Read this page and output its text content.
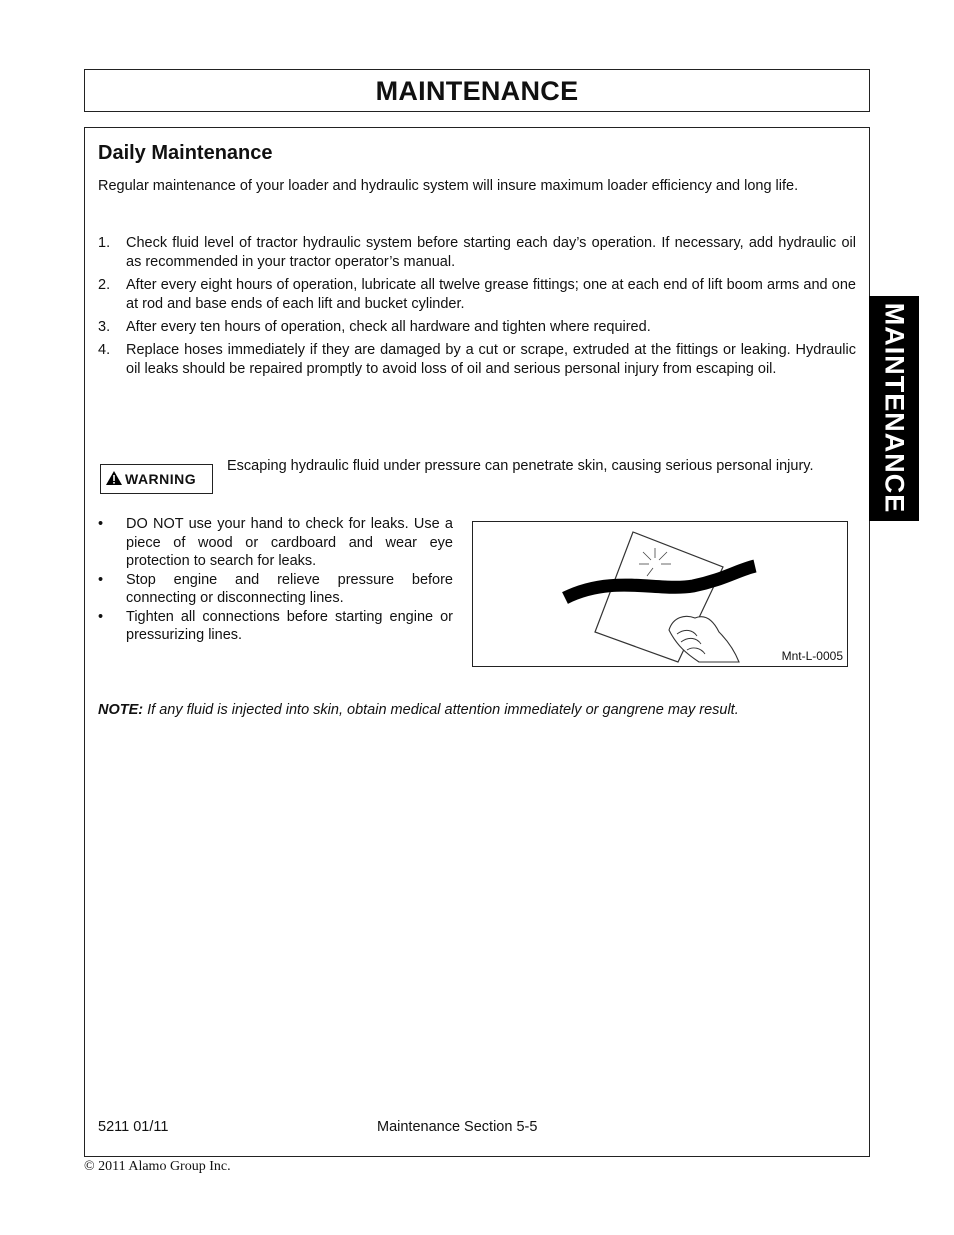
MAINTENANCE
MAINTENANCE
Daily Maintenance
Regular maintenance of your loader and hydraulic system will insure maximum loader efficiency and long life.
1. Check fluid level of tractor hydraulic system before starting each day’s operation. If necessary, add hydraulic oil as recommended in your tractor operator’s manual.
2. After every eight hours of operation, lubricate all twelve grease fittings; one at each end of lift boom arms and one at rod and base ends of each lift and bucket cylinder.
3. After every ten hours of operation, check all hardware and tighten where required.
4. Replace hoses immediately if they are damaged by a cut or scrape, extruded at the fittings or leaking. Hydraulic oil leaks should be repaired promptly to avoid loss of oil and serious personal injury from escaping oil.
WARNING
Escaping hydraulic fluid under pressure can penetrate skin, causing serious personal injury.
• DO NOT use your hand to check for leaks. Use a piece of wood or cardboard and wear eye protection to search for leaks.
• Stop engine and relieve pressure before connecting or disconnecting lines.
• Tighten all connections before starting engine or pressurizing lines.
Mnt-L-0005
NOTE: If any fluid is injected into skin, obtain medical attention immediately or gangrene may result.
5211 01/11	Maintenance Section 5-5
© 2011 Alamo Group Inc.
